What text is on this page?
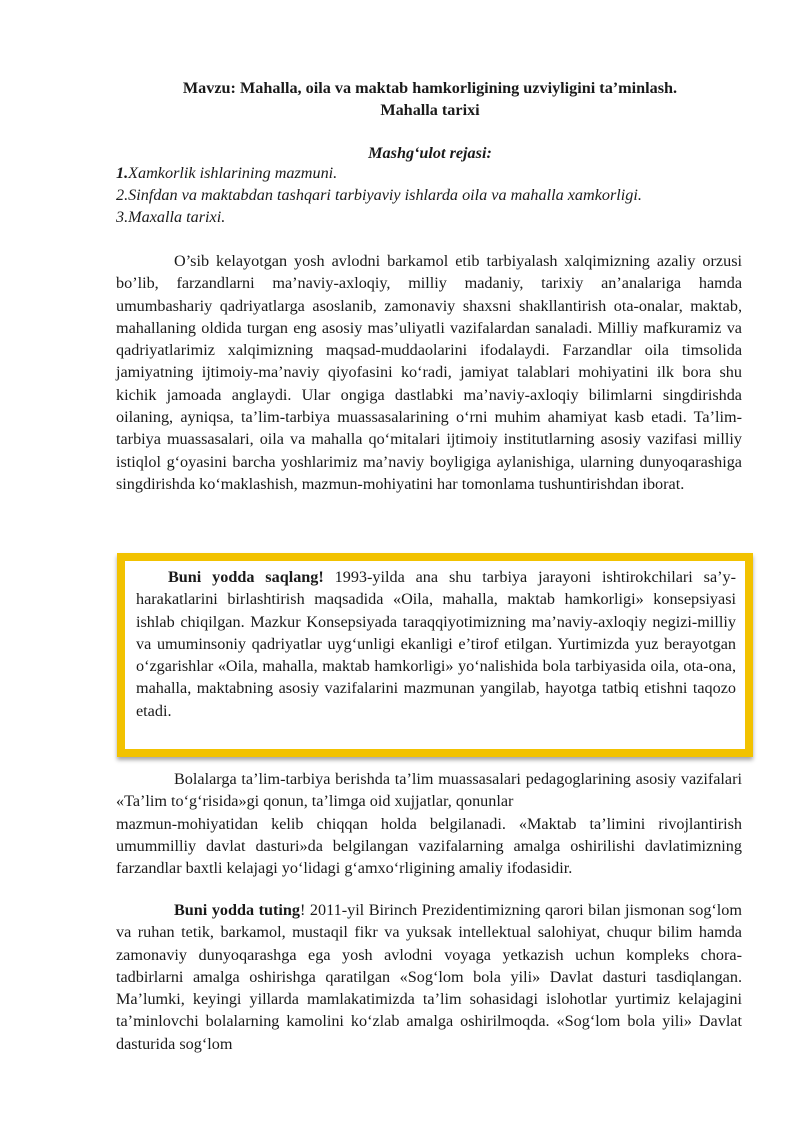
Mavzu: Mahalla, oila va maktab hamkorligining uzviyligini ta’minlash.
Mahalla tarixi
Mashg‘ulot rejasi:
1.Xamkorlik ishlarining mazmuni.
2.Sinfdan va maktabdan tashqari tarbiyaviy ishlarda oila va mahalla xamkorligi.
3.Maxalla tarixi.

O’sib kelayotgan yosh avlodni barkamol etib tarbiyalash xalqimizning azaliy orzusi bo’lib, farzandlarni ma’naviy-axloqiy, milliy madaniy, tarixiy an’analariga hamda umumbashariy qadriyatlarga asoslanib, zamonaviy shaxsni shakllantirish ota-onalar, maktab, mahallaning oldida turgan eng asosiy mas’uliyatli vazifalardan sanaladi. Milliy mafkuramiz va qadriyatlarimiz xalqimizning maqsad-muddaolarini ifodalaydi. Farzandlar oila timsolida jamiyatning ijtimoiy-ma’naviy qiyofasini ko‘radi, jamiyat talablari mohiyatini ilk bora shu kichik jamoada anglaydi. Ular ongiga dastlabki ma’naviy-axloqiy bilimlarni singdirishda oilaning, ayniqsa, ta’lim-tarbiya muassasalarining o‘rni muhim ahamiyat kasb etadi. Ta’lim-tarbiya muassasalari, oila va mahalla qo‘mitalari ijtimoiy institutlarning asosiy vazifasi milliy istiqlol g‘oyasini barcha yoshlarimiz ma’naviy boyligiga aylanishiga, ularning dunyoqarashiga singdirishda ko‘maklashish, mazmun-mohiyatini har tomonlama tushuntirishdan iborat.

Buni yodda saqlang! 1993-yilda ana shu tarbiya jarayoni ishtirokchilari sa’y-harakatlarini birlashtirish maqsadida «Oila, mahalla, maktab hamkorligi» konsepsiyasi ishlab chiqilgan. Mazkur Konsepsiyada taraqqiyotimizning ma’naviy-axloqiy negizi-milliy va umuminsoniy qadriyatlar uyg‘unligi ekanligi e’tirof etilgan. Yurtimizda yuz berayotgan o‘zgarishlar «Oila, mahalla, maktab hamkorligi» yo‘nalishida bola tarbiyasida oila, ota-ona, mahalla, maktabning asosiy vazifalarini mazmunan yangilab, hayotga tatbiq etishni taqozo etadi.

Bolalarga ta’lim-tarbiya berishda ta’lim muassasalari pedagoglarining asosiy vazifalari «Ta’lim to‘g‘risida»gi qonun, ta’limga oid xujjatlar, qonunlar
mazmun-mohiyatidan kelib chiqqan holda belgilanadi. «Maktab ta’limini rivojlantirish umummilliy davlat dasturi»da belgilangan vazifalarning amalga oshirilishi davlatimizning farzandlar baxtli kelajagi yo‘lidagi g‘amxo‘rligining amaliy ifodasidir.

Buni yodda tuting! 2011-yil Birinch Prezidentimizning qarori bilan jismonan sog‘lom va ruhan tetik, barkamol, mustaqil fikr va yuksak intellektual salohiyat, chuqur bilim hamda zamonaviy dunyoqarashga ega yosh avlodni voyaga yetkazish uchun kompleks chora-tadbirlarni amalga oshirishga qaratilgan «Sog‘lom bola yili» Davlat dasturi tasdiqlangan. Ma’lumki, keyingi yillarda mamlakatimizda ta’lim sohasidagi islohotlar yurtimiz kelajagini ta’minlovchi bolalarning kamolini ko‘zlab amalga oshirilmoqda. «Sog‘lom bola yili» Davlat dasturida sog‘lom
